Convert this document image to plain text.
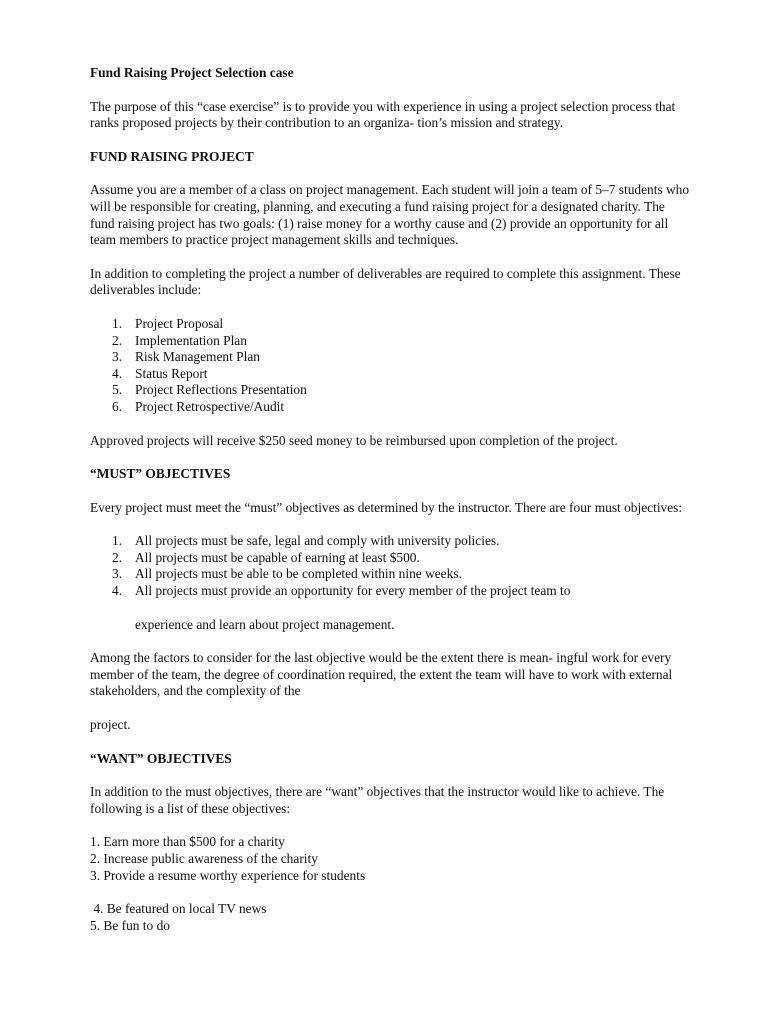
Fund Raising Project Selection case

The purpose of this “case exercise” is to provide you with experience in using a project selection process that ranks proposed projects by their contribution to an organiza- tion’s mission and strategy.

FUND RAISING PROJECT

Assume you are a member of a class on project management. Each student will join a team of 5–7 students who will be responsible for creating, planning, and executing a fund raising project for a designated charity. The fund raising project has two goals: (1) raise money for a worthy cause and (2) provide an opportunity for all team members to practice project management skills and techniques.

In addition to completing the project a number of deliverables are required to complete this assignment. These deliverables include:

1. Project Proposal
2. Implementation Plan
3. Risk Management Plan
4. Status Report
5. Project Reflections Presentation
6. Project Retrospective/Audit

Approved projects will receive $250 seed money to be reimbursed upon completion of the project.

“MUST” OBJECTIVES

Every project must meet the “must” objectives as determined by the instructor. There are four must objectives:

1. All projects must be safe, legal and comply with university policies.
2. All projects must be capable of earning at least $500.
3. All projects must be able to be completed within nine weeks.
4. All projects must provide an opportunity for every member of the project team to

experience and learn about project management.

Among the factors to consider for the last objective would be the extent there is mean- ingful work for every member of the team, the degree of coordination required, the extent the team will have to work with external stakeholders, and the complexity of the

project.

“WANT” OBJECTIVES

In addition to the must objectives, there are “want” objectives that the instructor would like to achieve. The following is a list of these objectives:

1. Earn more than $500 for a charity
2. Increase public awareness of the charity
3. Provide a resume worthy experience for students
4. Be featured on local TV news
5. Be fun to do
